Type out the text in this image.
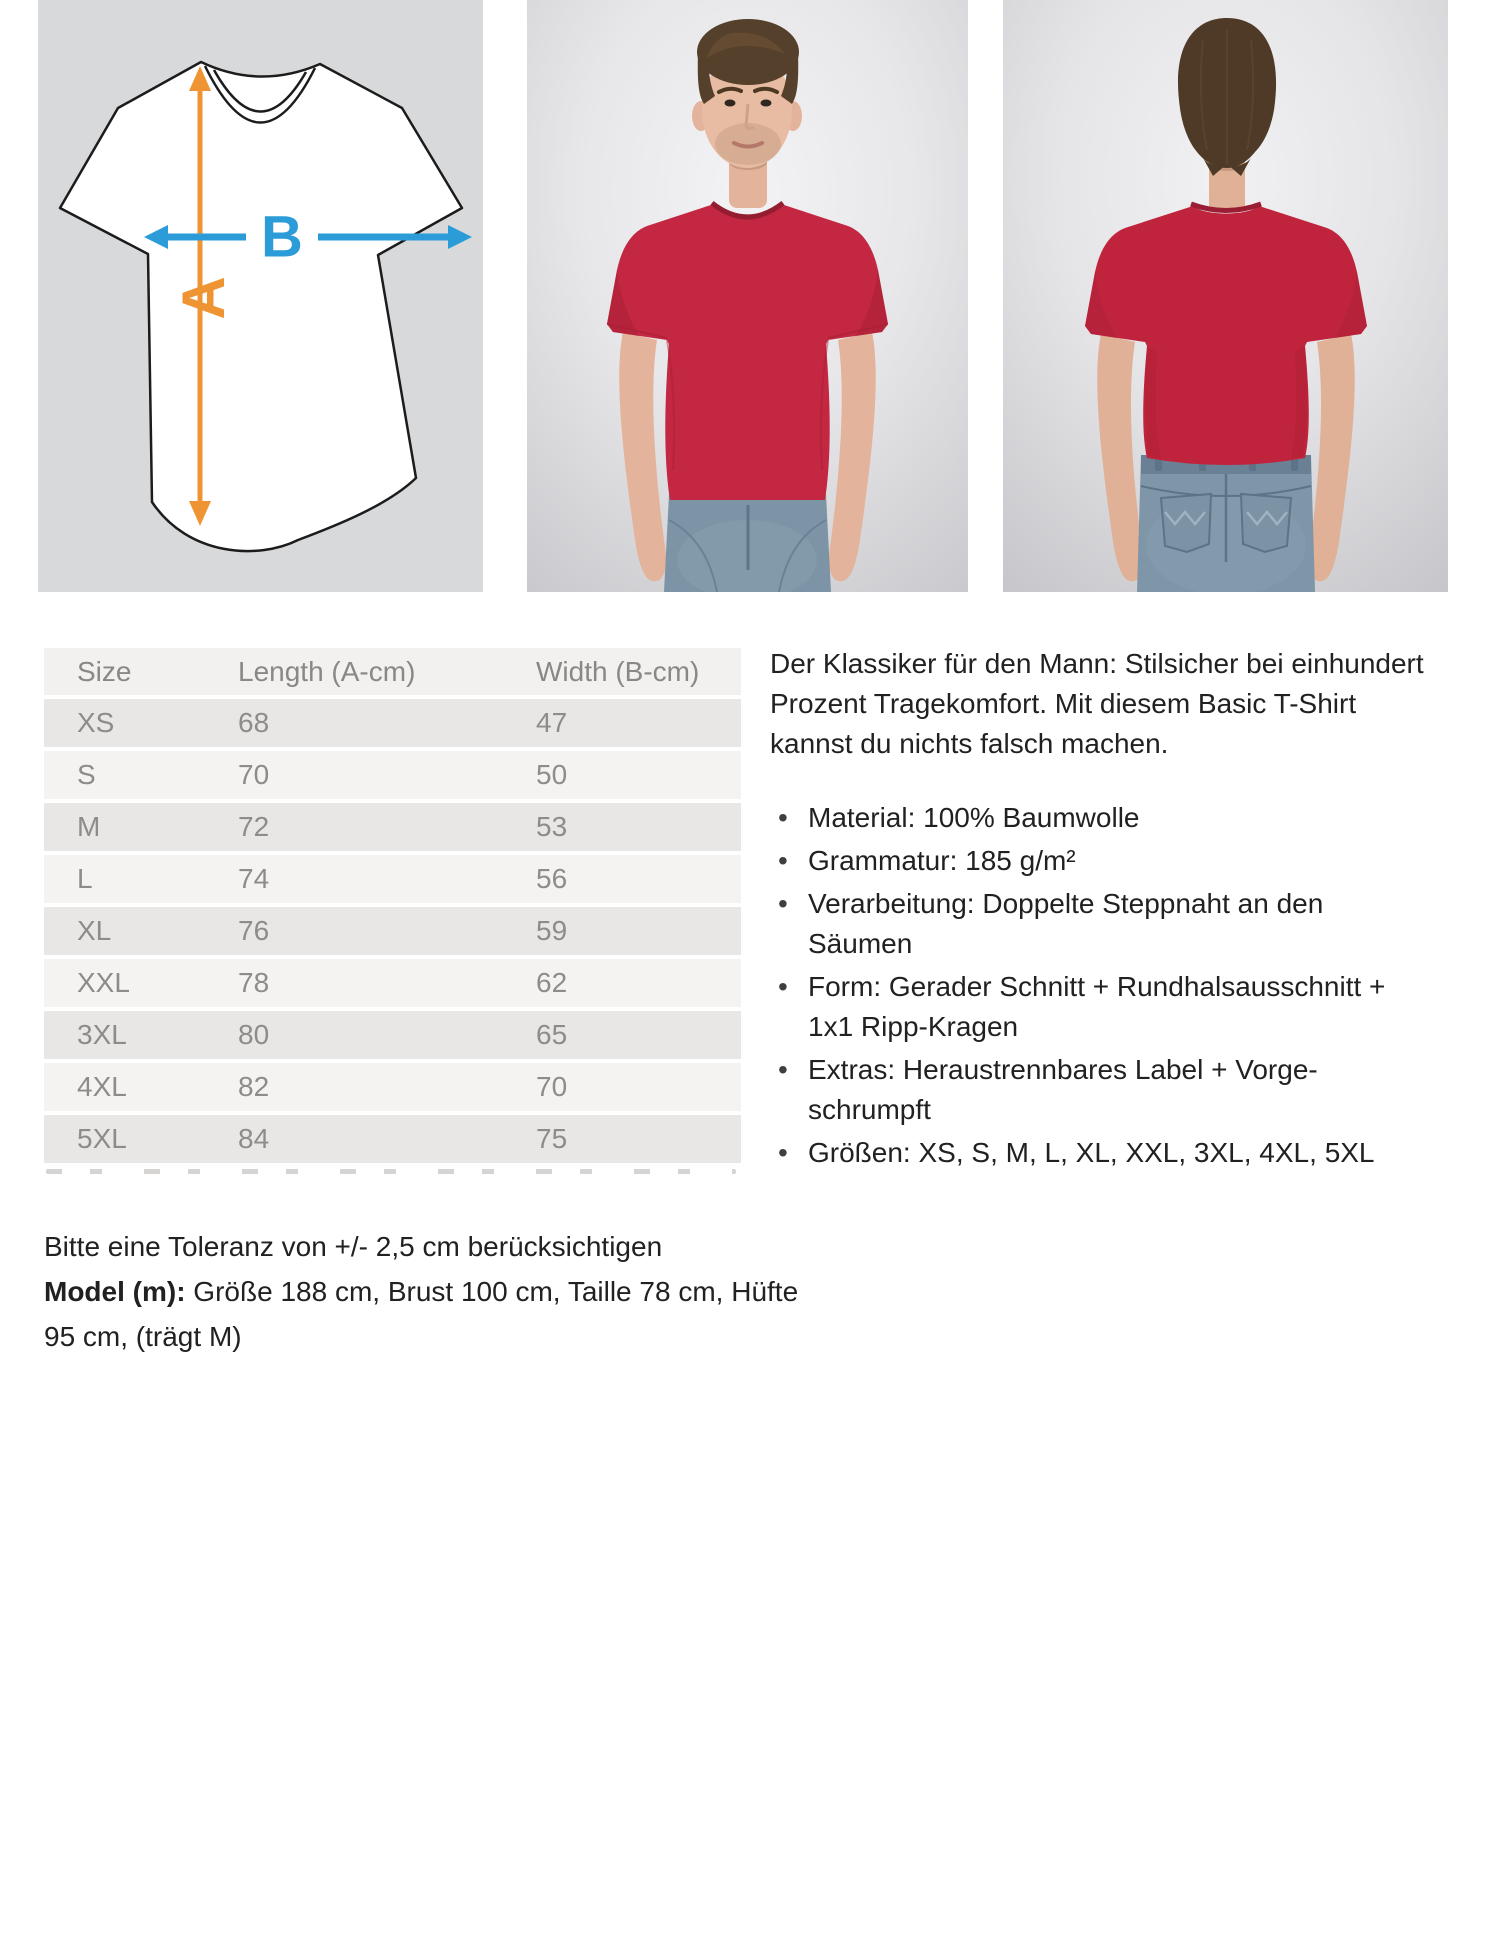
A
B
Size	Length (A-cm)	Width (B-cm)
XS	68	47
S	70	50
M	72	53
L	74	56
XL	76	59
XXL	78	62
3XL	80	65
4XL	82	70
5XL	84	75

Der Klassiker für den Mann: Stilsicher bei einhundert Prozent Tragekomfort. Mit diesem Basic T-Shirt kannst du nichts falsch machen.

• Material: 100% Baumwolle
• Grammatur: 185 g/m²
• Verarbeitung: Doppelte Steppnaht an den Säumen
• Form: Gerader Schnitt + Rundhalsausschnitt + 1x1 Ripp-Kragen
• Extras: Heraustrennbares Label + Vorgeschrumpft
• Größen: XS, S, M, L, XL, XXL, 3XL, 4XL, 5XL
Bitte eine Toleranz von +/- 2,5 cm berücksichtigen
Model (m): Größe 188 cm, Brust 100 cm, Taille 78 cm, Hüfte 95 cm, (trägt M)
